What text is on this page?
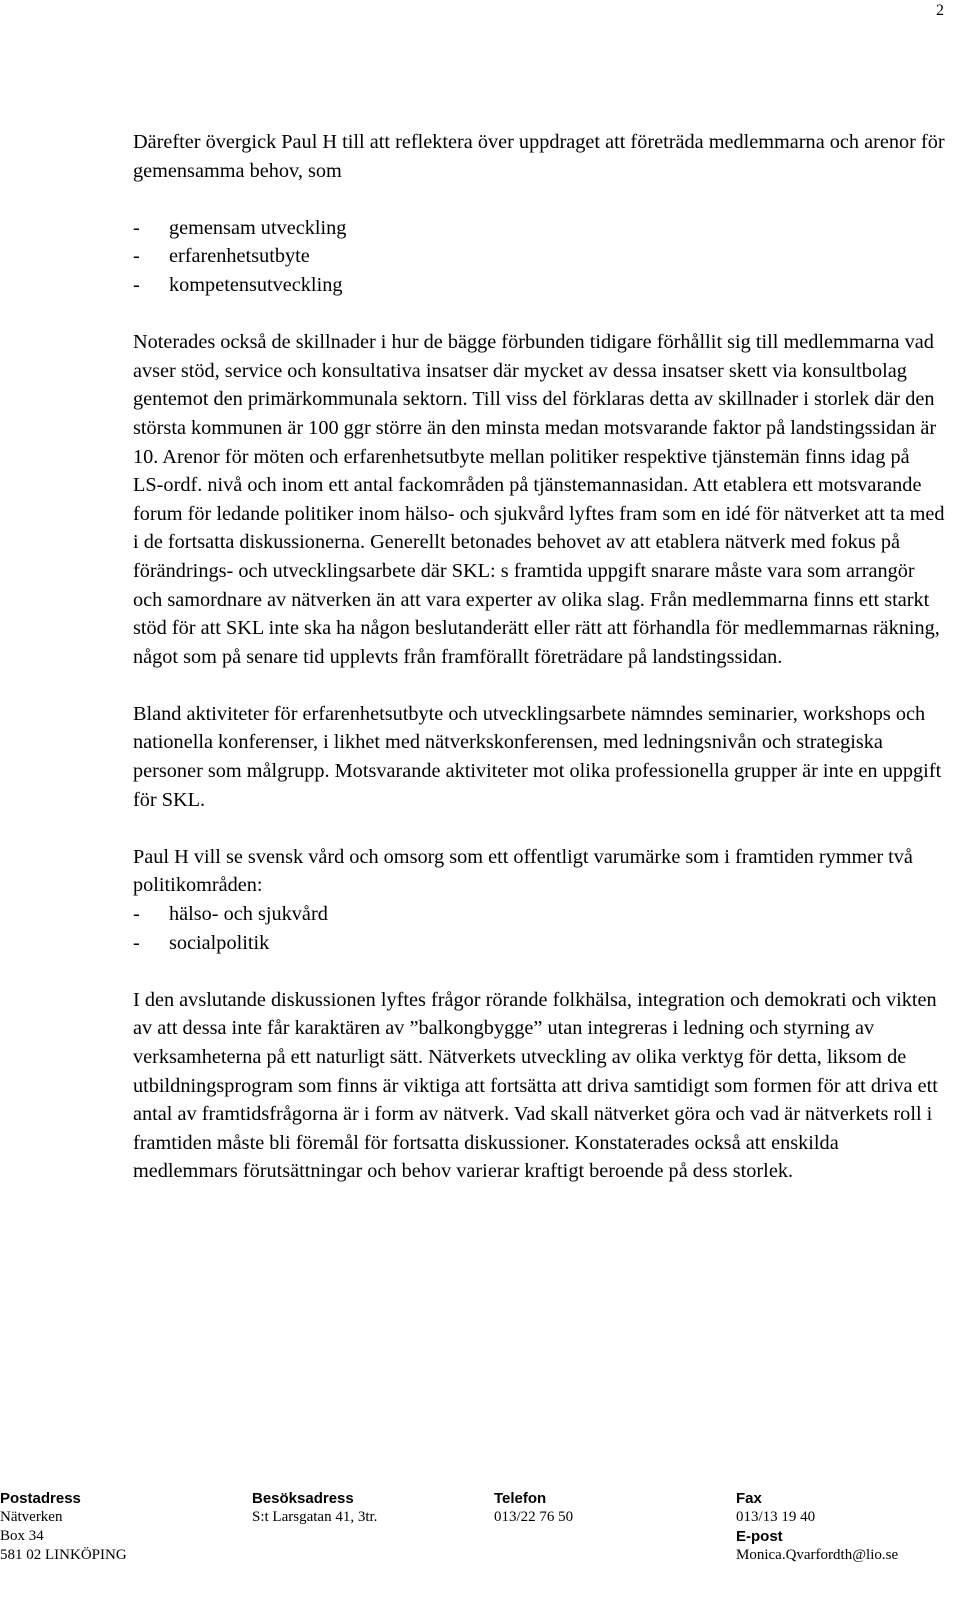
2

Därefter övergick Paul H till att reflektera över uppdraget att företräda medlemmarna och arenor för gemensamma behov, som

- gemensam utveckling
- erfarenhetsutbyte
- kompetensutveckling

Noterades också de skillnader i hur de bägge förbunden tidigare förhållit sig till medlemmarna vad avser stöd, service och konsultativa insatser där mycket av dessa insatser skett via konsultbolag gentemot den primärkommunala sektorn. Till viss del förklaras detta av skillnader i storlek där den största kommunen är 100 ggr större än den minsta medan motsvarande faktor på landstingssidan är 10. Arenor för möten och erfarenhetsutbyte mellan politiker respektive tjänstemän finns idag på LS-ordf. nivå och inom ett antal fackområden på tjänstemannasidan. Att etablera ett motsvarande forum för ledande politiker inom hälso- och sjukvård lyftes fram som en idé för nätverket att ta med i de fortsatta diskussionerna. Generellt betonades behovet av att etablera nätverk med fokus på förändrings- och utvecklingsarbete där SKL: s framtida uppgift snarare måste vara som arrangör och samordnare av nätverken än att vara experter av olika slag. Från medlemmarna finns ett starkt stöd för att SKL inte ska ha någon beslutanderätt eller rätt att förhandla för medlemmarnas räkning, något som på senare tid upplevts från framförallt företrädare på landstingssidan.

Bland aktiviteter för erfarenhetsutbyte och utvecklingsarbete nämndes seminarier, workshops och nationella konferenser, i likhet med nätverkskonferensen, med ledningsnivån och strategiska personer som målgrupp. Motsvarande aktiviteter mot olika professionella grupper är inte en uppgift för SKL.

Paul H vill se svensk vård och omsorg som ett offentligt varumärke som i framtiden rymmer två politikområden:

- hälso- och sjukvård
- socialpolitik

I den avslutande diskussionen lyftes frågor rörande folkhälsa, integration och demokrati och vikten av att dessa inte får karaktären av ”balkongbygge” utan integreras i ledning och styrning av verksamheterna på ett naturligt sätt. Nätverkets utveckling av olika verktyg för detta, liksom de utbildningsprogram som finns är viktiga att fortsätta att driva samtidigt som formen för att driva ett antal av framtidsfrågorna är i form av nätverk. Vad skall nätverket göra och vad är nätverkets roll i framtiden måste bli föremål för fortsatta diskussioner. Konstaterades också att enskilda medlemmars förutsättningar och behov varierar kraftigt beroende på dess storlek.

Postadress
Nätverken
Box 34
581 02 LINKÖPING
Besöksadress
S:t Larsgatan 41, 3tr.
Telefon
013/22 76 50
Fax
013/13 19 40
E-post
Monica.Qvarfordth@lio.se
